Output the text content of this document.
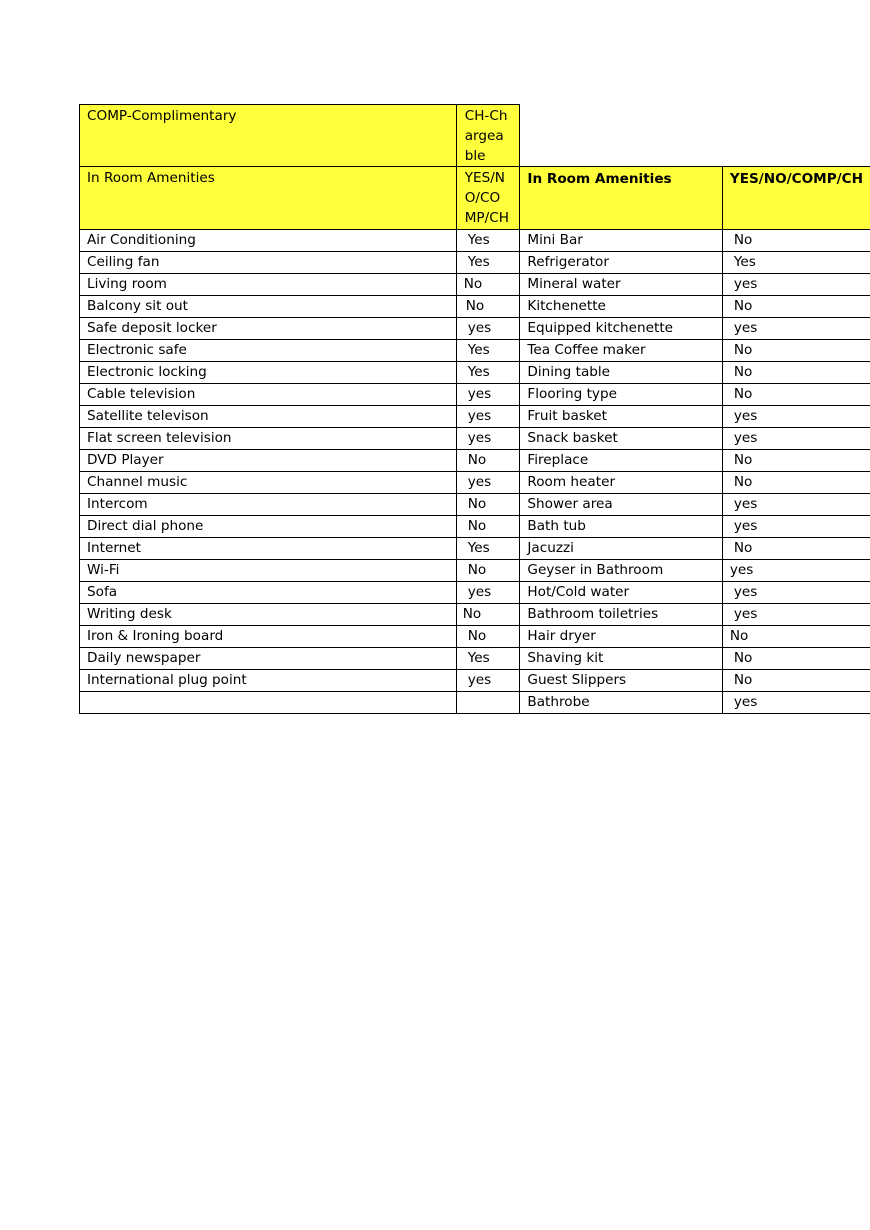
COMP-Complimentary	CH-Chargeable		
In Room Amenities	YES/NO/COMP/CH	In Room Amenities	YES/NO/COMP/CH
Air Conditioning	Yes	Mini Bar	No
Ceiling fan	Yes	Refrigerator	Yes
Living room	No	Mineral water	yes
Balcony sit out	No	Kitchenette	No
Safe deposit locker	yes	Equipped kitchenette	yes
Electronic safe	Yes	Tea Coffee maker	No
Electronic locking	Yes	Dining table	No
Cable television	yes	Flooring type	No
Satellite televison	yes	Fruit basket	yes
Flat screen television	yes	Snack basket	yes
DVD Player	No	Fireplace	No
Channel music	yes	Room heater	No
Intercom	No	Shower area	yes
Direct dial phone	No	Bath tub	yes
Internet	Yes	Jacuzzi	No
Wi-Fi	No	Geyser in Bathroom	yes
Sofa	yes	Hot/Cold water	yes
Writing desk	No	Bathroom toiletries	yes
Iron & Ironing board	No	Hair dryer	No
Daily newspaper	Yes	Shaving kit	No
International plug point	yes	Guest Slippers	No
		Bathrobe	yes
